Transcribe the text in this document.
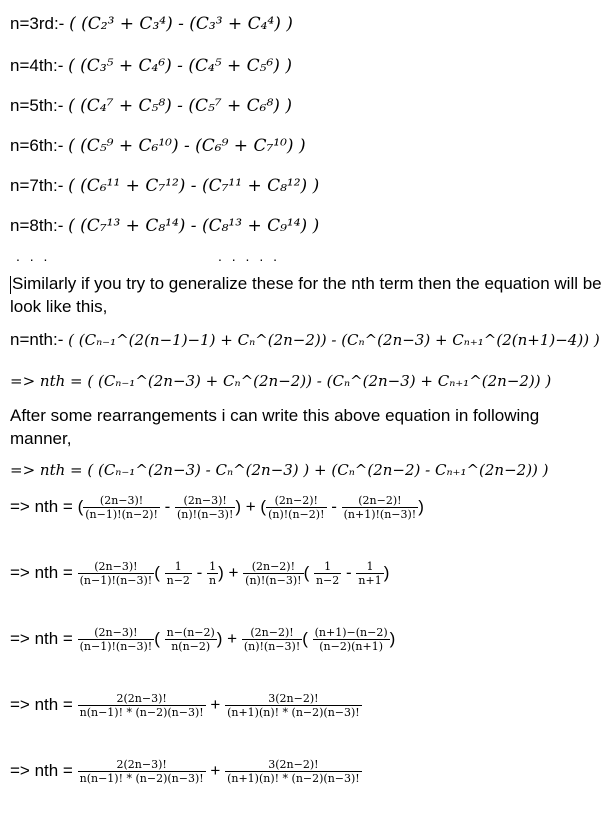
n=3rd:- ( (C₂³ + C₃⁴) - (C₃³ + C₄⁴) )
n=4th:- ( (C₃⁵ + C₄⁶) - (C₄⁵ + C₅⁶) )
n=5th:- ( (C₄⁷ + C₅⁸) - (C₅⁷ + C₆⁸) )
n=6th:- ( (C₅⁹ + C₆¹⁰) - (C₆⁹ + C₇¹⁰) )
n=7th:- ( (C₆¹¹ + C₇¹²) - (C₇¹¹ + C₈¹²) )
n=8th:- ( (C₇¹³ + C₈¹⁴) - (C₈¹³ + C₉¹⁴) )
. . .	. . . . .
Similarly if you try to generalize these for the nth term then the equation will be look like this,
n=nth:- ( (Cₙ₋₁^(2(n−1)−1) + Cₙ^(2n−2)) - (Cₙ^(2n−3) + Cₙ₊₁^(2(n+1)−4)) )
=> nth = ( (Cₙ₋₁^(2n−3) + Cₙ^(2n−2)) - (Cₙ^(2n−3) + Cₙ₊₁^(2n−2)) )
After some rearrangements i can write this above equation in following manner,
=> nth = ( (Cₙ₋₁^(2n−3) - Cₙ^(2n−3) ) + (Cₙ^(2n−2) - Cₙ₊₁^(2n−2)) )
=> nth = ( $\frac{(2n-3)!}{(n-1)!(n-2)!} - \frac{(2n-3)!}{(n)!(n-3)!}$ ) + ( $\frac{(2n-2)!}{(n)!(n-2)!} - \frac{(2n-2)!}{(n+1)!(n-3)!}$ )
=> nth = $\frac{(2n-3)!}{(n-1)!(n-3)!}$ ( $\frac{1}{n-2} - \frac{1}{n}$ ) + $\frac{(2n-2)!}{(n)!(n-3)!}$ ( $\frac{1}{n-2} - \frac{1}{n+1}$ )
=> nth = $\frac{(2n-3)!}{(n-1)!(n-3)!}$ ( $\frac{n-(n-2)}{n(n-2)}$ ) + $\frac{(2n-2)!}{(n)!(n-3)!}$ ( $\frac{(n+1)-(n-2)}{(n-2)(n+1)}$ )
=> nth = $\frac{2(2n-3)!}{n(n-1)! * (n-2)(n-3)!} + \frac{3(2n-2)!}{(n+1)(n)! * (n-2)(n-3)!}$
=> nth = $\frac{2(2n-3)!}{n(n-1)! * (n-2)(n-3)!} + \frac{3(2n-2)!}{(n+1)(n)! * (n-2)(n-3)!}$
